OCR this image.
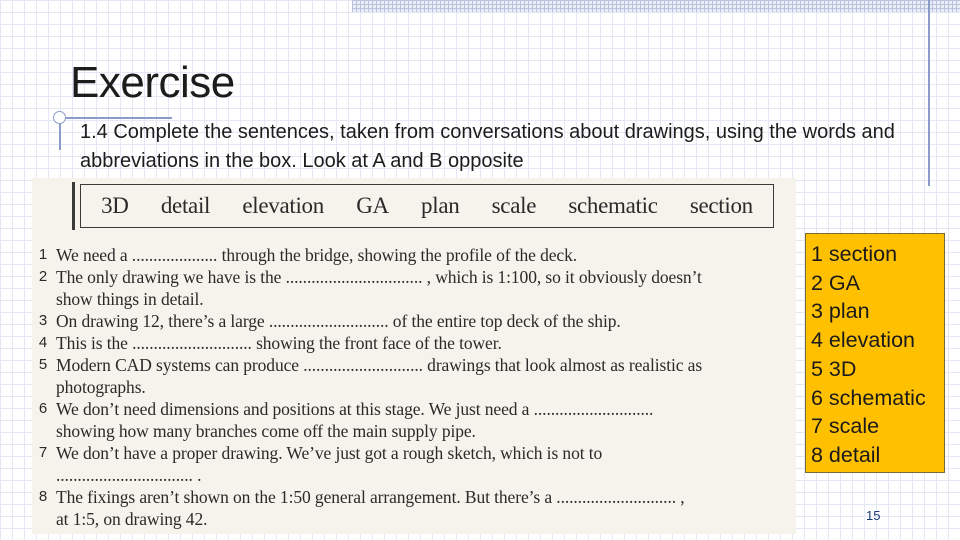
Exercise
1.4 Complete the sentences, taken from conversations about drawings, using the words and abbreviations in the box. Look at A and B opposite
3D detail elevation GA plan scale schematic section
1 We need a .................... through the bridge, showing the profile of the deck.
2 The only drawing we have is the ................................ , which is 1:100, so it obviously doesn’t
show things in detail.
3 On drawing 12, there’s a large ............................ of the entire top deck of the ship.
4 This is the ............................ showing the front face of the tower.
5 Modern CAD systems can produce ............................ drawings that look almost as realistic as
photographs.
6 We don’t need dimensions and positions at this stage. We just need a ............................
showing how many branches come off the main supply pipe.
7 We don’t have a proper drawing. We’ve just got a rough sketch, which is not to
................................ .
8 The fixings aren’t shown on the 1:50 general arrangement. But there’s a ............................ ,
at 1:5, on drawing 42.
1 section
2 GA
3 plan
4 elevation
5 3D
6 schematic
7 scale
8 detail
15
